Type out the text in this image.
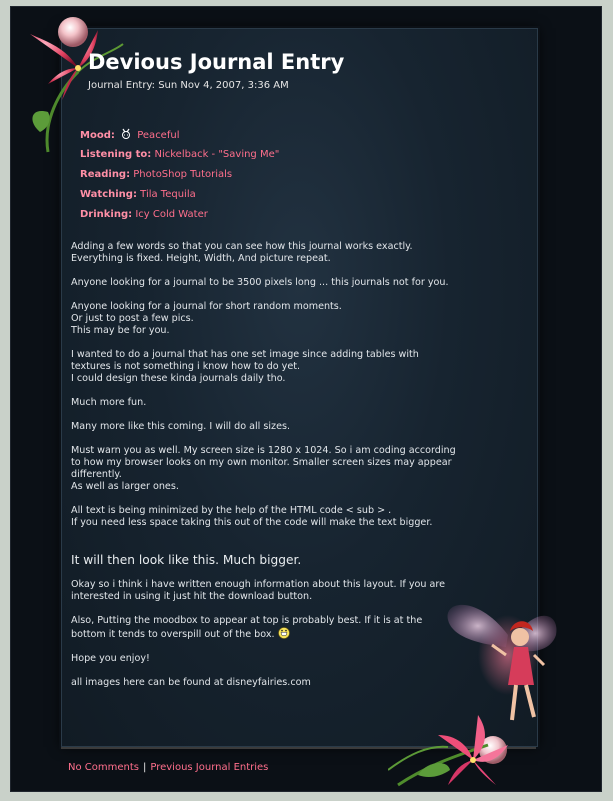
Devious Journal Entry
Journal Entry: Sun Nov 4, 2007, 3:36 AM
Mood: Peaceful
Listening to: Nickelback - "Saving Me"
Reading: PhotoShop Tutorials
Watching: Tila Tequila
Drinking: Icy Cold Water

Adding a few words so that you can see how this journal works exactly.
Everything is fixed. Height, Width, And picture repeat.

Anyone looking for a journal to be 3500 pixels long ... this journals not for you.

Anyone looking for a journal for short random moments.
Or just to post a few pics.
This may be for you.

I wanted to do a journal that has one set image since adding tables with
textures is not something i know how to do yet.
I could design these kinda journals daily tho.

Much more fun.

Many more like this coming. I will do all sizes.

Must warn you as well. My screen size is 1280 x 1024. So i am coding according
to how my browser looks on my own monitor. Smaller screen sizes may appear
differently.
As well as larger ones.

All text is being minimized by the help of the HTML code < sub > .
If you need less space taking this out of the code will make the text bigger.

It will then look like this. Much bigger.

Okay so i think i have written enough information about this layout. If you are
interested in using it just hit the download button.

Also, Putting the moodbox to appear at top is probably best. If it is at the
bottom it tends to overspill out of the box.

Hope you enjoy!

all images here can be found at disneyfairies.com

No Comments | Previous Journal Entries
